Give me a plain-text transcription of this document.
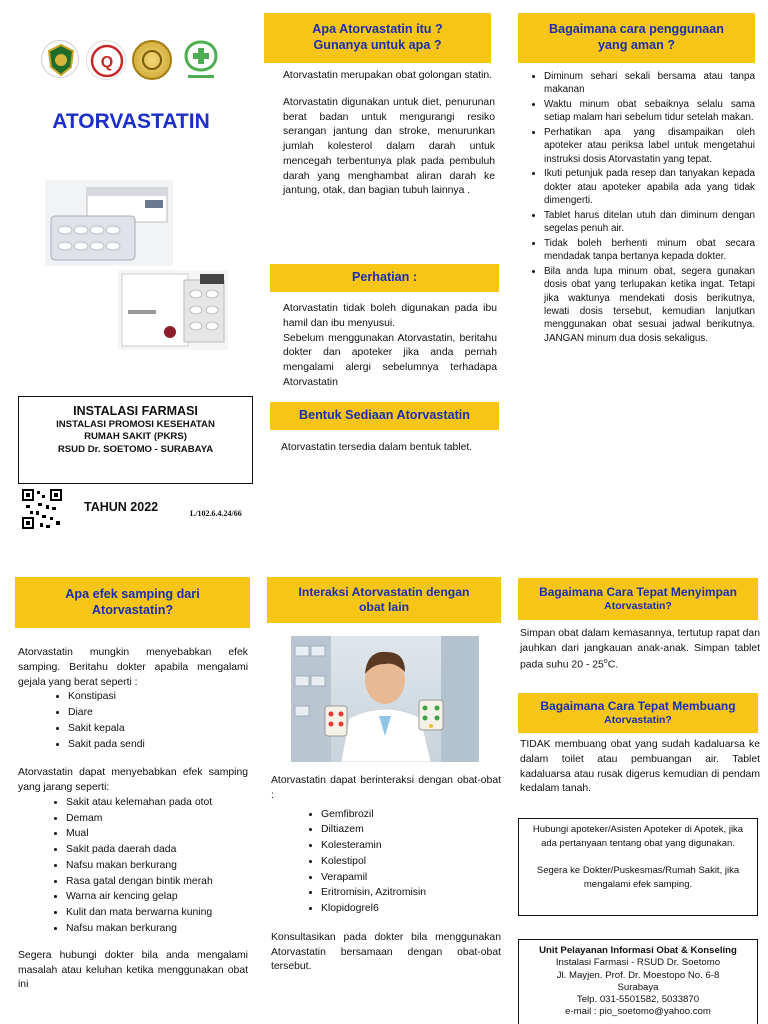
Q
ATORVASTATIN
INSTALASI FARMASI
INSTALASI PROMOSI KESEHATAN
RUMAH SAKIT (PKRS)
RSUD Dr. SOETOMO - SURABAYA
TAHUN 2022	L/102.6.4.24/66
Apa Atorvastatin itu ?
Gunanya untuk apa ?

Atorvastatin merupakan obat golongan statin.

Atorvastatin digunakan untuk diet, penurunan berat badan untuk mengurangi resiko serangan jantung dan stroke, menurunkan jumlah kolesterol dalam darah untuk mencegah terbentunya plak pada pembuluh darah yang menghambat aliran darah ke jantung, otak, dan bagian tubuh lainnya .

Perhatian :
Atorvastatin tidak boleh digunakan pada ibu hamil dan ibu menyusui.
Sebelum menggunakan Atorvastatin, beritahu dokter dan apoteker jika anda pernah mengalami alergi sebelumnya terhadapa Atorvastatin
Bentuk Sediaan Atorvastatin
Atorvastatin tersedia dalam bentuk tablet.
Bagaimana cara penggunaan
yang aman ?
• Diminum sehari sekali bersama atau tanpa makanan
• Waktu minum obat sebaiknya selalu sama setiap malam hari sebelum tidur setelah makan.
• Perhatikan apa yang disampaikan oleh apoteker atau periksa label untuk mengetahui instruksi dosis Atorvastatin yang tepat.
• Ikuti petunjuk pada resep dan tanyakan kepada dokter atau apoteker apabila ada yang tidak dimengerti.
• Tablet harus ditelan utuh dan diminum dengan segelas penuh air.
• Tidak boleh berhenti minum obat secara mendadak tanpa bertanya kepada dokter.
• Bila anda lupa minum obat, segera gunakan dosis obat yang terlupakan ketika ingat. Tetapi jika waktunya mendekati dosis berikutnya, lewati dosis tersebut, kemudian lanjutkan menggunakan obat sesuai jadwal berikutnya. JANGAN minum dua dosis sekaligus.
Apa efek samping dari
Atorvastatin?
Atorvastatin mungkin menyebabkan efek samping. Beritahu dokter apabila mengalami gejala yang berat seperti :
• Konstipasi
• Diare
• Sakit kepala
• Sakit pada sendi
Atorvastatin dapat menyebabkan efek samping yang jarang seperti:
• Sakit atau kelemahan pada otot
• Demam
• Mual
• Sakit pada daerah dada
• Nafsu makan berkurang
• Rasa gatal dengan bintik merah
• Warna air kencing gelap
• Kulit dan mata berwarna kuning
• Nafsu makan berkurang
Segera hubungi dokter bila anda mengalami masalah atau keluhan ketika menggunakan obat ini
Interaksi Atorvastatin dengan
obat lain
Atorvastatin dapat berinteraksi dengan obat-obat :
• Gemfibrozil
• Diltiazem
• Kolesteramin
• Kolestipol
• Verapamil
• Eritromisin, Azitromisin
• Klopidogrel6
Konsultasikan pada dokter bila menggunakan Atorvastatin bersamaan dengan obat-obat tersebut.
Bagaimana Cara Tepat Menyimpan
Atorvastatin?
Simpan obat dalam kemasannya, tertutup rapat dan jauhkan dari jangkauan anak-anak. Simpan tablet pada suhu 20 - 25$^o$C.
Bagaimana Cara Tepat Membuang
Atorvastatin?
TIDAK membuang obat yang sudah kadaluarsa ke dalam toilet atau pembuangan air. Tablet kadaluarsa atau rusak digerus kemudian di pendam kedalam tanah.
Hubungi apoteker/Asisten Apoteker di Apotek, jika ada pertanyaan tentang obat yang digunakan.
Segera ke Dokter/Puskesmas/Rumah Sakit, jika mengalami efek samping.
Unit Pelayanan Informasi Obat & Konseling
Instalasi Farmasi - RSUD Dr. Soetomo
Jl. Mayjen. Prof. Dr. Moestopo No. 6-8
Surabaya
Telp. 031-5501582, 5033870
e-mail : pio_soetomo@yahoo.com
